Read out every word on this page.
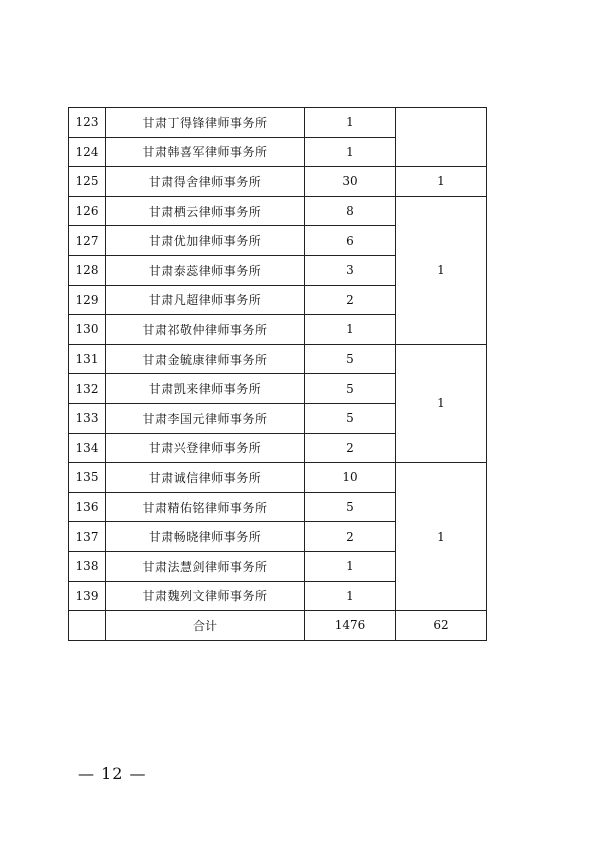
123	甘肃丁得锋律师事务所	1	
124	甘肃韩喜军律师事务所	1	
125	甘肃得舍律师事务所	30	1
126	甘肃栖云律师事务所	8	1
127	甘肃优加律师事务所	6	
128	甘肃泰蕊律师事务所	3	
129	甘肃凡超律师事务所	2	
130	甘肃祁敬仲律师事务所	1	
131	甘肃金毓康律师事务所	5	1
132	甘肃凯来律师事务所	5	
133	甘肃李国元律师事务所	5	
134	甘肃兴登律师事务所	2	
135	甘肃诚信律师事务所	10	1
136	甘肃精佑铭律师事务所	5	
137	甘肃畅晓律师事务所	2	
138	甘肃法慧剑律师事务所	1	
139	甘肃魏列文律师事务所	1	
	合计	1476	62
— 12 —
